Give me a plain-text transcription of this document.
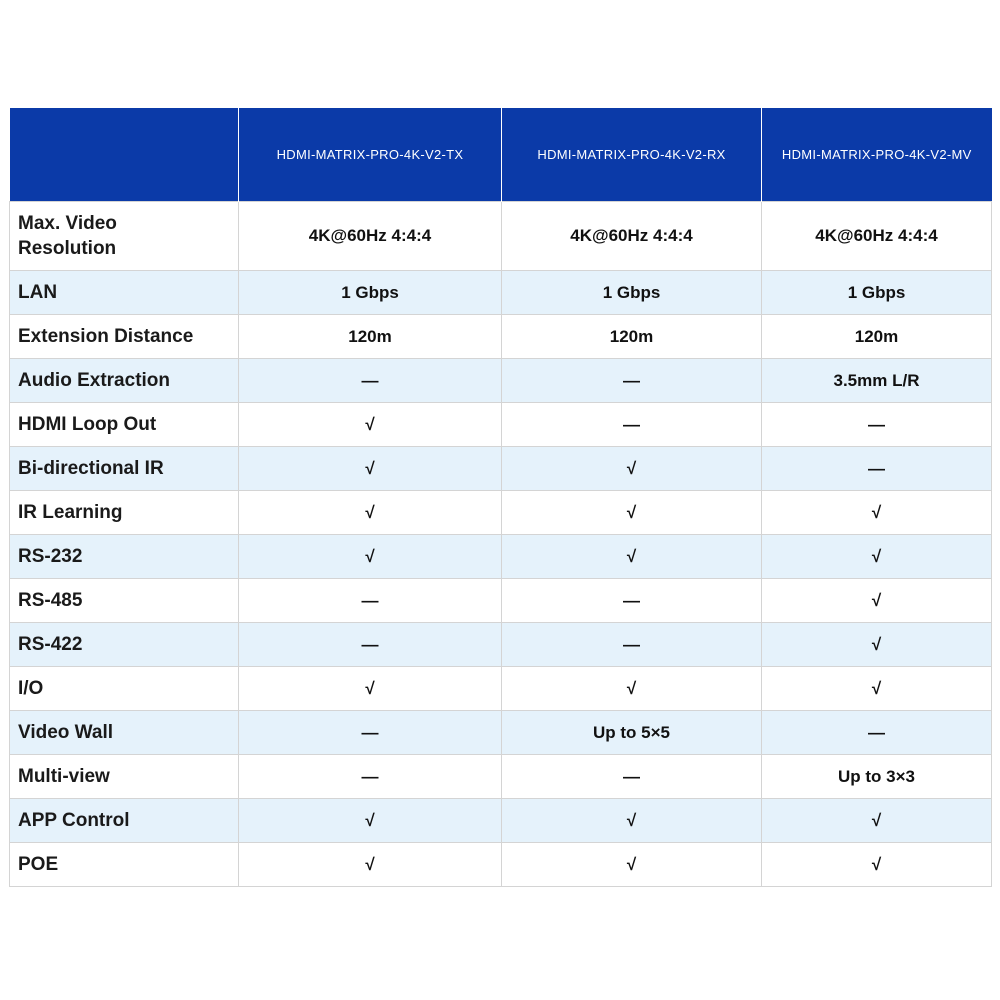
	HDMI-MATRIX-PRO-4K-V2-TX	HDMI-MATRIX-PRO-4K-V2-RX	HDMI-MATRIX-PRO-4K-V2-MV
Max. Video
Resolution	4K@60Hz 4:4:4	4K@60Hz 4:4:4	4K@60Hz 4:4:4
LAN	1 Gbps	1 Gbps	1 Gbps
Extension Distance	120m	120m	120m
Audio Extraction	—	—	3.5mm L/R
HDMI Loop Out	√	—	—
Bi-directional IR	√	√	—
IR Learning	√	√	√
RS-232	√	√	√
RS-485	—	—	√
RS-422	—	—	√
I/O	√	√	√
Video Wall	—	Up to 5×5	—
Multi-view	—	—	Up to 3×3
APP Control	√	√	√
POE	√	√	√
